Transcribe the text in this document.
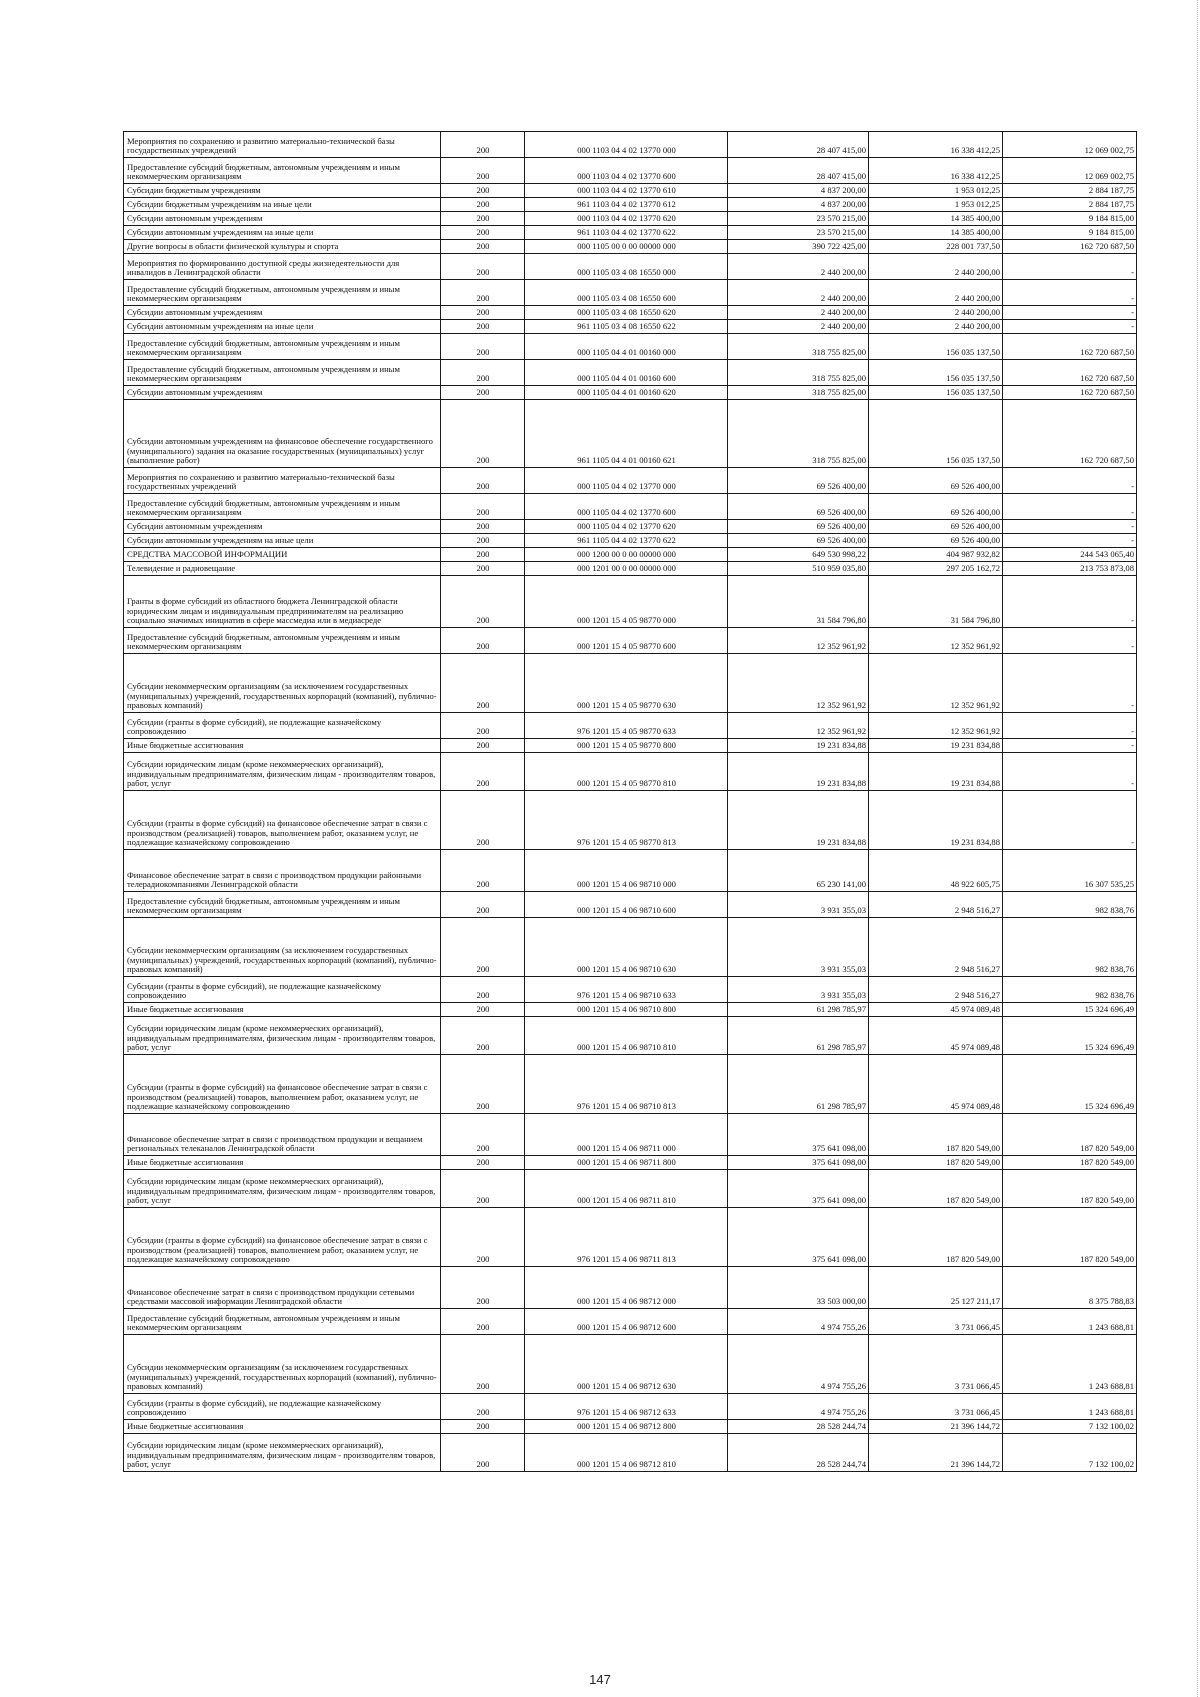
Мероприятия по сохранению и развитию материально-технической базы государственных учреждений	200	000 1103 04 4 02 13770 000	28 407 415,00	16 338 412,25	12 069 002,75
Предоставление субсидий бюджетным, автономным учреждениям и иным некоммерческим организациям	200	000 1103 04 4 02 13770 600	28 407 415,00	16 338 412,25	12 069 002,75
Субсидии бюджетным учреждениям	200	000 1103 04 4 02 13770 610	4 837 200,00	1 953 012,25	2 884 187,75
Субсидии бюджетным учреждениям на иные цели	200	961 1103 04 4 02 13770 612	4 837 200,00	1 953 012,25	2 884 187,75
Субсидии автономным учреждениям	200	000 1103 04 4 02 13770 620	23 570 215,00	14 385 400,00	9 184 815,00
Субсидии автономным учреждениям на иные цели	200	961 1103 04 4 02 13770 622	23 570 215,00	14 385 400,00	9 184 815,00
Другие вопросы в области физической культуры и спорта	200	000 1105 00 0 00 00000 000	390 722 425,00	228 001 737,50	162 720 687,50
Мероприятия по формированию доступной среды жизнедеятельности для инвалидов в Ленинградской области	200	000 1105 03 4 08 16550 000	2 440 200,00	2 440 200,00	-
Предоставление субсидий бюджетным, автономным учреждениям и иным некоммерческим организациям	200	000 1105 03 4 08 16550 600	2 440 200,00	2 440 200,00	-
Субсидии автономным учреждениям	200	000 1105 03 4 08 16550 620	2 440 200,00	2 440 200,00	-
Субсидии автономным учреждениям на иные цели	200	961 1105 03 4 08 16550 622	2 440 200,00	2 440 200,00	-
Предоставление субсидий бюджетным, автономным учреждениям и иным некоммерческим организациям	200	000 1105 04 4 01 00160 000	318 755 825,00	156 035 137,50	162 720 687,50
Предоставление субсидий бюджетным, автономным учреждениям и иным некоммерческим организациям	200	000 1105 04 4 01 00160 600	318 755 825,00	156 035 137,50	162 720 687,50
Субсидии автономным учреждениям	200	000 1105 04 4 01 00160 620	318 755 825,00	156 035 137,50	162 720 687,50
Субсидии автономным учреждениям на финансовое обеспечение государственного (муниципального) задания на оказание государственных (муниципальных) услуг (выполнение работ)	200	961 1105 04 4 01 00160 621	318 755 825,00	156 035 137,50	162 720 687,50
Мероприятия по сохранению и развитию материально-технической базы государственных учреждений	200	000 1105 04 4 02 13770 000	69 526 400,00	69 526 400,00	-
Предоставление субсидий бюджетным, автономным учреждениям и иным некоммерческим организациям	200	000 1105 04 4 02 13770 600	69 526 400,00	69 526 400,00	-
Субсидии автономным учреждениям	200	000 1105 04 4 02 13770 620	69 526 400,00	69 526 400,00	-
Субсидии автономным учреждениям на иные цели	200	961 1105 04 4 02 13770 622	69 526 400,00	69 526 400,00	-
СРЕДСТВА МАССОВОЙ ИНФОРМАЦИИ	200	000 1200 00 0 00 00000 000	649 530 998,22	404 987 932,82	244 543 065,40
Телевидение и радиовещание	200	000 1201 00 0 00 00000 000	510 959 035,80	297 205 162,72	213 753 873,08
Гранты в форме субсидий из областного бюджета Ленинградской области юридическим лицам и индивидуальным предпринимателям на реализацию социально значимых инициатив в сфере массмедиа или в медиасреде	200	000 1201 15 4 05 98770 000	31 584 796,80	31 584 796,80	-
Предоставление субсидий бюджетным, автономным учреждениям и иным некоммерческим организациям	200	000 1201 15 4 05 98770 600	12 352 961,92	12 352 961,92	-
Субсидии некоммерческим организациям (за исключением государственных (муниципальных) учреждений, государственных корпораций (компаний), публично-правовых компаний)	200	000 1201 15 4 05 98770 630	12 352 961,92	12 352 961,92	-
Субсидии (гранты в форме субсидий), не подлежащие казначейскому сопровождению	200	976 1201 15 4 05 98770 633	12 352 961,92	12 352 961,92	-
Иные бюджетные ассигнования	200	000 1201 15 4 05 98770 800	19 231 834,88	19 231 834,88	-
Субсидии юридическим лицам (кроме некоммерческих организаций), индивидуальным предпринимателям, физическим лицам - производителям товаров, работ, услуг	200	000 1201 15 4 05 98770 810	19 231 834,88	19 231 834,88	-
Субсидии (гранты в форме субсидий) на финансовое обеспечение затрат в связи с производством (реализацией) товаров, выполнением работ, оказанием услуг, не подлежащие казначейскому сопровождению	200	976 1201 15 4 05 98770 813	19 231 834,88	19 231 834,88	-
Финансовое обеспечение затрат в связи с производством продукции районными телерадиокомпаниями Ленинградской области	200	000 1201 15 4 06 98710 000	65 230 141,00	48 922 605,75	16 307 535,25
Предоставление субсидий бюджетным, автономным учреждениям и иным некоммерческим организациям	200	000 1201 15 4 06 98710 600	3 931 355,03	2 948 516,27	982 838,76
Субсидии некоммерческим организациям (за исключением государственных (муниципальных) учреждений, государственных корпораций (компаний), публично-правовых компаний)	200	000 1201 15 4 06 98710 630	3 931 355,03	2 948 516,27	982 838,76
Субсидии (гранты в форме субсидий), не подлежащие казначейскому сопровождению	200	976 1201 15 4 06 98710 633	3 931 355,03	2 948 516,27	982 838,76
Иные бюджетные ассигнования	200	000 1201 15 4 06 98710 800	61 298 785,97	45 974 089,48	15 324 696,49
Субсидии юридическим лицам (кроме некоммерческих организаций), индивидуальным предпринимателям, физическим лицам - производителям товаров, работ, услуг	200	000 1201 15 4 06 98710 810	61 298 785,97	45 974 089,48	15 324 696,49
Субсидии (гранты в форме субсидий) на финансовое обеспечение затрат в связи с производством (реализацией) товаров, выполнением работ, оказанием услуг, не подлежащие казначейскому сопровождению	200	976 1201 15 4 06 98710 813	61 298 785,97	45 974 089,48	15 324 696,49
Финансовое обеспечение затрат в связи с производством продукции и вещанием региональных телеканалов Ленинградской области	200	000 1201 15 4 06 98711 000	375 641 098,00	187 820 549,00	187 820 549,00
Иные бюджетные ассигнования	200	000 1201 15 4 06 98711 800	375 641 098,00	187 820 549,00	187 820 549,00
Субсидии юридическим лицам (кроме некоммерческих организаций), индивидуальным предпринимателям, физическим лицам - производителям товаров, работ, услуг	200	000 1201 15 4 06 98711 810	375 641 098,00	187 820 549,00	187 820 549,00
Субсидии (гранты в форме субсидий) на финансовое обеспечение затрат в связи с производством (реализацией) товаров, выполнением работ, оказанием услуг, не подлежащие казначейскому сопровождению	200	976 1201 15 4 06 98711 813	375 641 098,00	187 820 549,00	187 820 549,00
Финансовое обеспечение затрат в связи с производством продукции сетевыми средствами массовой информации Ленинградской области	200	000 1201 15 4 06 98712 000	33 503 000,00	25 127 211,17	8 375 788,83
Предоставление субсидий бюджетным, автономным учреждениям и иным некоммерческим организациям	200	000 1201 15 4 06 98712 600	4 974 755,26	3 731 066,45	1 243 688,81
Субсидии некоммерческим организациям (за исключением государственных (муниципальных) учреждений, государственных корпораций (компаний), публично-правовых компаний)	200	000 1201 15 4 06 98712 630	4 974 755,26	3 731 066,45	1 243 688,81
Субсидии (гранты в форме субсидий), не подлежащие казначейскому сопровождению	200	976 1201 15 4 06 98712 633	4 974 755,26	3 731 066,45	1 243 688,81
Иные бюджетные ассигнования	200	000 1201 15 4 06 98712 800	28 528 244,74	21 396 144,72	7 132 100,02
Субсидии юридическим лицам (кроме некоммерческих организаций), индивидуальным предпринимателям, физическим лицам - производителям товаров, работ, услуг	200	000 1201 15 4 06 98712 810	28 528 244,74	21 396 144,72	7 132 100,02
147
